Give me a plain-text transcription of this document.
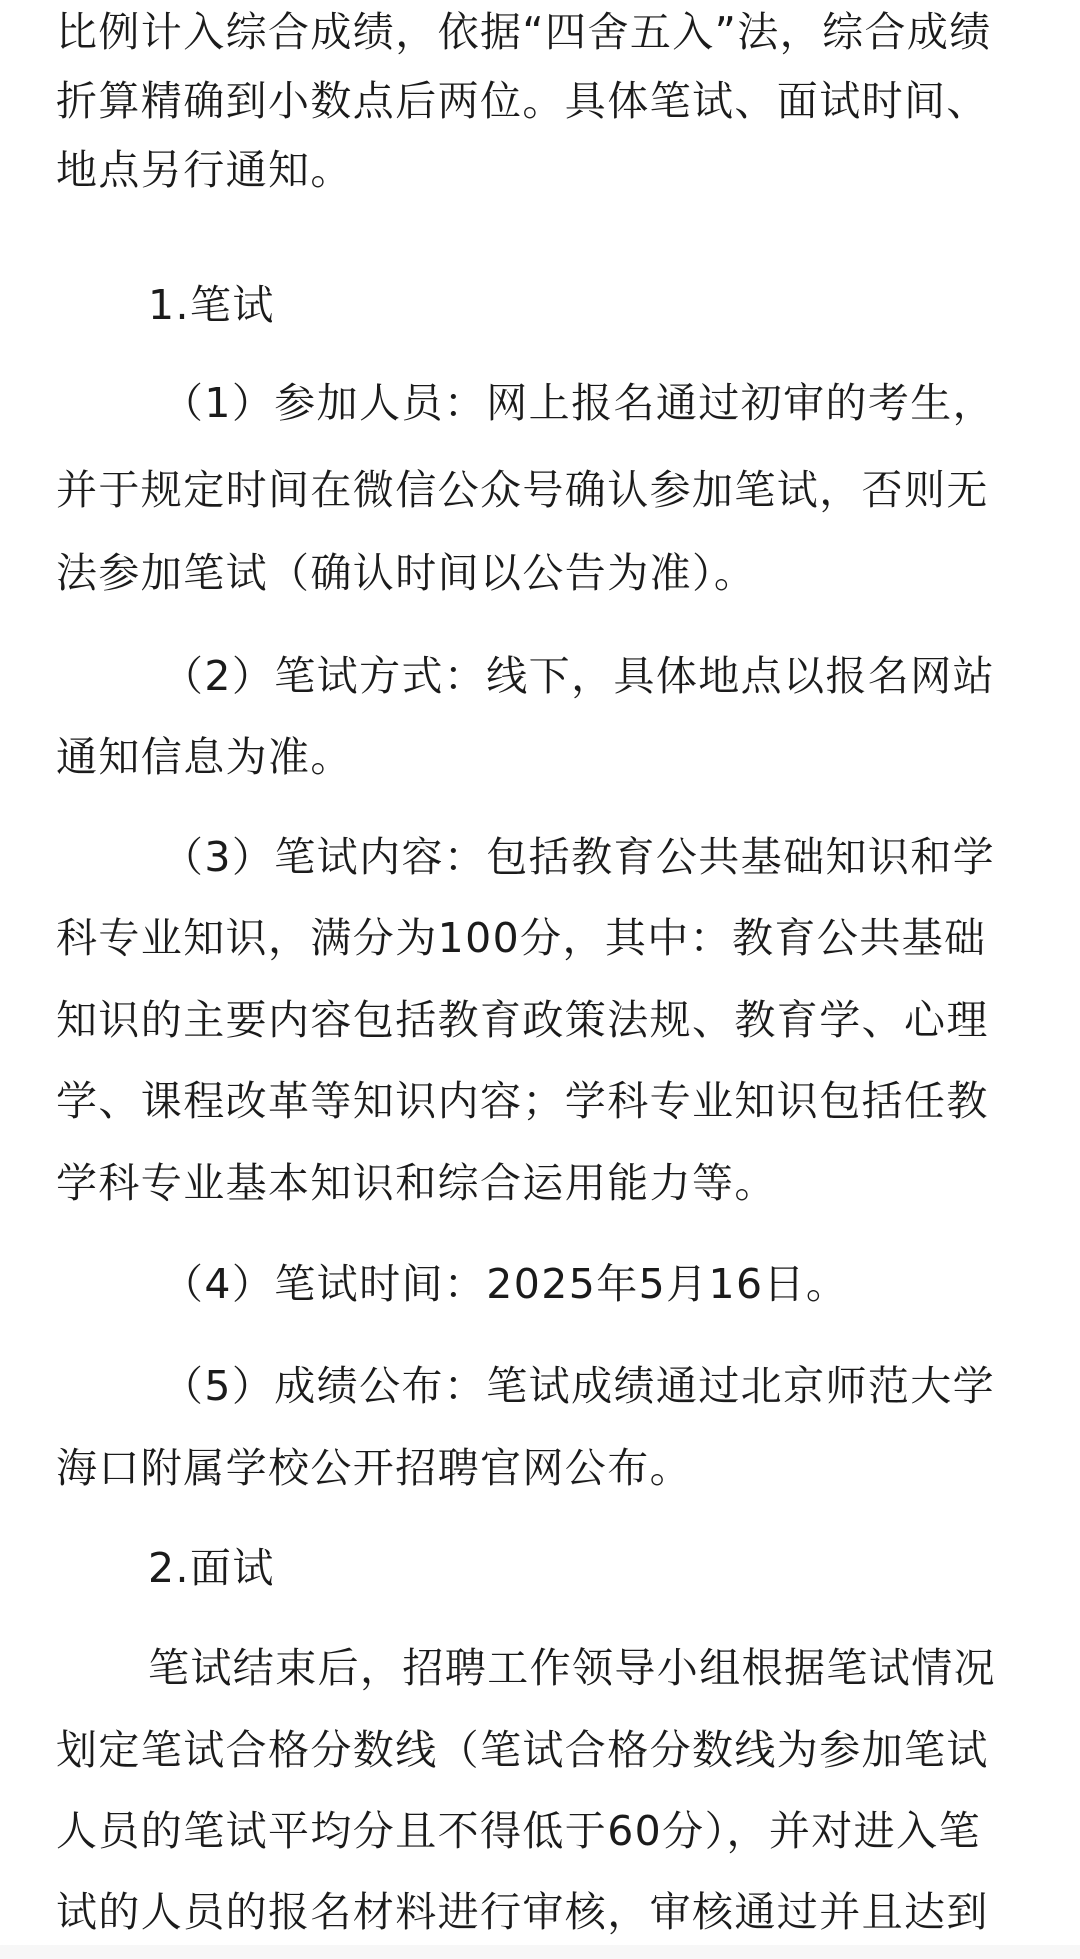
比例计入综合成绩，依据“四舍五入”法，综合成绩

折算精确到小数点后两位。具体笔试、面试时间、

地点另行通知。

1.笔试

（1）参加人员：网上报名通过初审的考生，

并于规定时间在微信公众号确认参加笔试，否则无

法参加笔试（确认时间以公告为准）。

（2）笔试方式：线下，具体地点以报名网站

通知信息为准。

（3）笔试内容：包括教育公共基础知识和学

科专业知识，满分为100分，其中：教育公共基础

知识的主要内容包括教育政策法规、教育学、心理

学、课程改革等知识内容；学科专业知识包括任教

学科专业基本知识和综合运用能力等。

（4）笔试时间：2025年5月16日。

（5）成绩公布：笔试成绩通过北京师范大学

海口附属学校公开招聘官网公布。

2.面试

笔试结束后，招聘工作领导小组根据笔试情况

划定笔试合格分数线（笔试合格分数线为参加笔试

人员的笔试平均分且不得低于60分），并对进入笔

试的人员的报名材料进行审核，审核通过并且达到
